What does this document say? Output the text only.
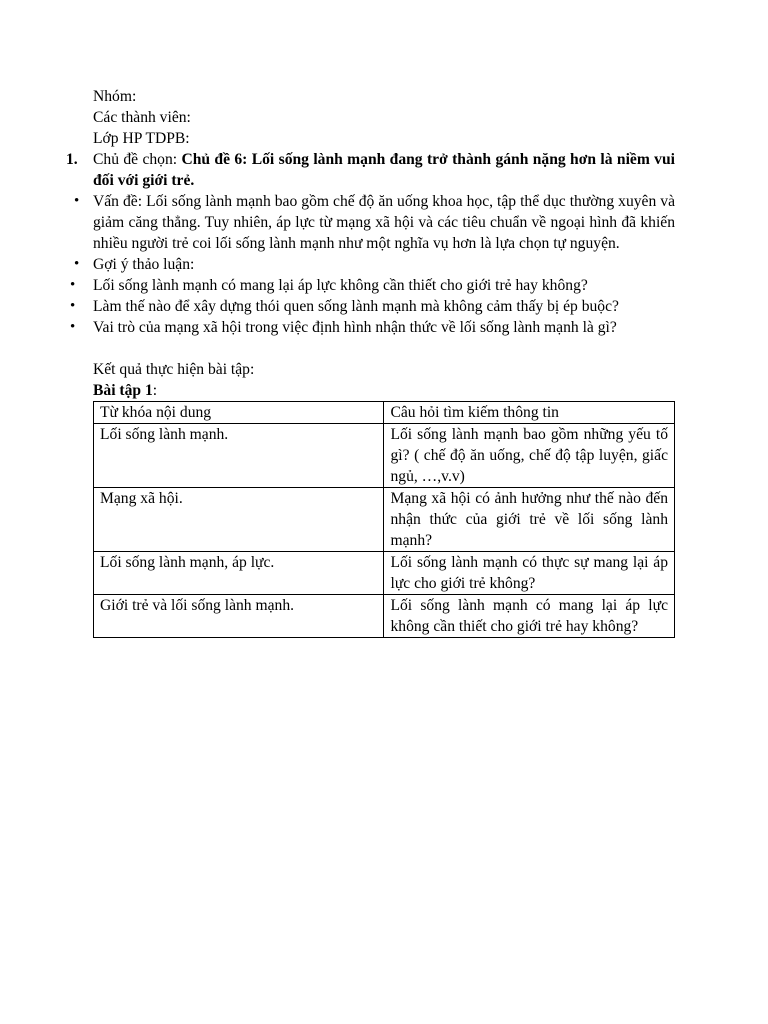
Nhóm:

Các thành viên:

Lớp HP TDPB:

1. Chủ đề chọn: Chủ đề 6: Lối sống lành mạnh đang trở thành gánh nặng hơn là niềm vui đối với giới trẻ.

• Vấn đề: Lối sống lành mạnh bao gồm chế độ ăn uống khoa học, tập thể dục thường xuyên và giảm căng thẳng. Tuy nhiên, áp lực từ mạng xã hội và các tiêu chuẩn về ngoại hình đã khiến nhiều người trẻ coi lối sống lành mạnh như một nghĩa vụ hơn là lựa chọn tự nguyện.

• Gợi ý thảo luận:

• Lối sống lành mạnh có mang lại áp lực không cần thiết cho giới trẻ hay không?

• Làm thế nào để xây dựng thói quen sống lành mạnh mà không cảm thấy bị ép buộc?

• Vai trò của mạng xã hội trong việc định hình nhận thức về lối sống lành mạnh là gì?

Kết quả thực hiện bài tập:

Bài tập 1:

Từ khóa nội dung	Câu hỏi tìm kiếm thông tin
Lối sống lành mạnh.	Lối sống lành mạnh bao gồm những yếu tố gì? ( chế độ ăn uống, chế độ tập luyện, giấc ngủ, …,v.v)
Mạng xã hội.	Mạng xã hội có ảnh hưởng như thế nào đến nhận thức của giới trẻ về lối sống lành mạnh?
Lối sống lành mạnh, áp lực.	Lối sống lành mạnh có thực sự mang lại áp lực cho giới trẻ không?
Giới trẻ và lối sống lành mạnh.	Lối sống lành mạnh có mang lại áp lực không cần thiết cho giới trẻ hay không?
